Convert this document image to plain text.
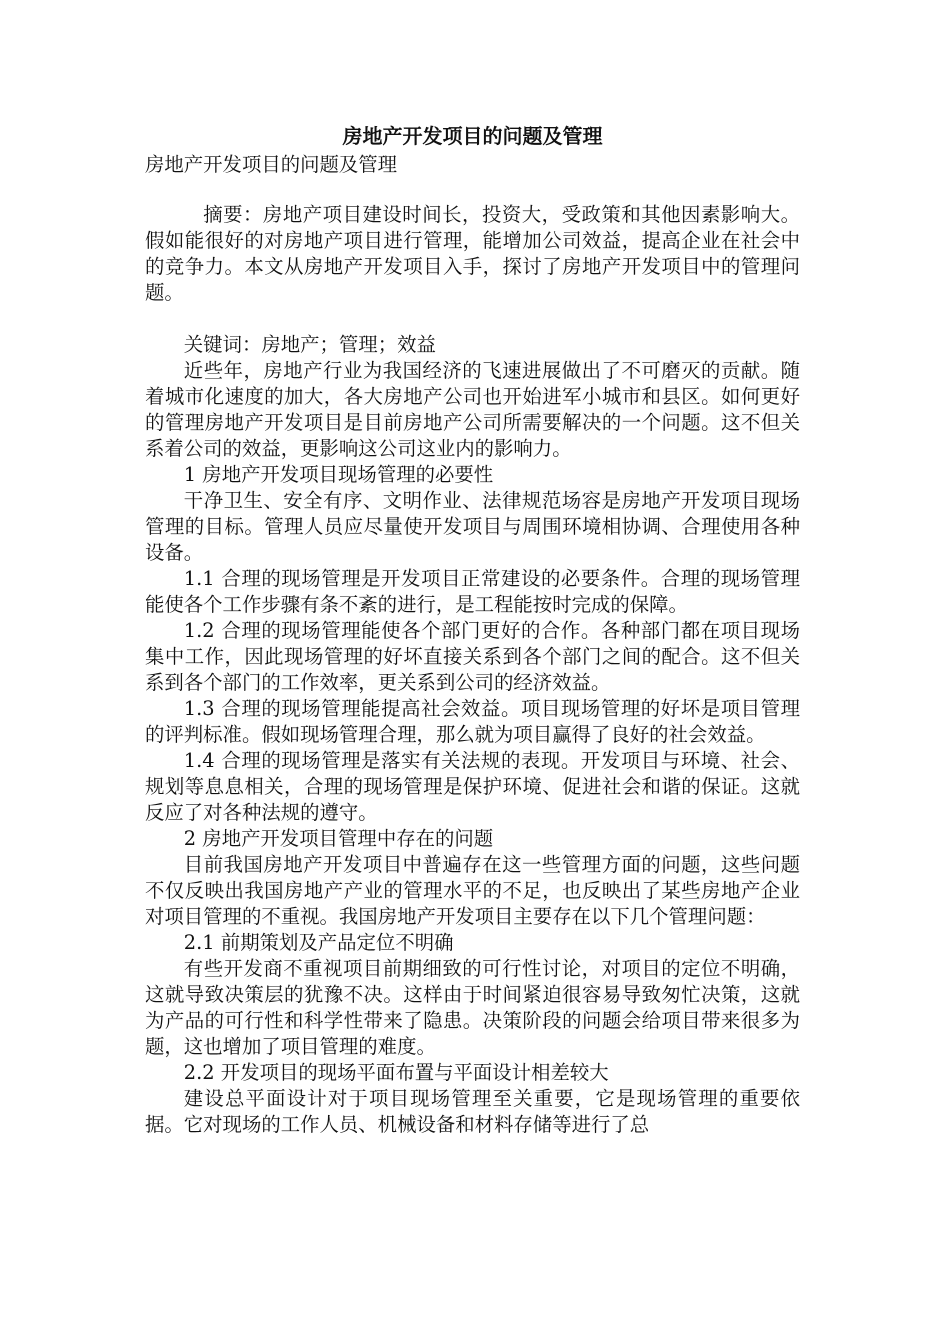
房地产开发项目的问题及管理
房地产开发项目的问题及管理

摘要：房地产项目建设时间长，投资大，受政策和其他因素影响大。假如能很好的对房地产项目进行管理，能增加公司效益，提高企业在社会中的竞争力。本文从房地产开发项目入手，探讨了房地产开发项目中的管理问题。

关键词：房地产；管理；效益

近些年，房地产行业为我国经济的飞速进展做出了不可磨灭的贡献。随着城市化速度的加大，各大房地产公司也开始进军小城市和县区。如何更好的管理房地产开发项目是目前房地产公司所需要解决的一个问题。这不但关系着公司的效益，更影响这公司这业内的影响力。

1 房地产开发项目现场管理的必要性

干净卫生、安全有序、文明作业、法律规范场容是房地产开发项目现场管理的目标。管理人员应尽量使开发项目与周围环境相协调、合理使用各种设备。

1.1 合理的现场管理是开发项目正常建设的必要条件。合理的现场管理能使各个工作步骤有条不紊的进行，是工程能按时完成的保障。

1.2 合理的现场管理能使各个部门更好的合作。各种部门都在项目现场集中工作，因此现场管理的好坏直接关系到各个部门之间的配合。这不但关系到各个部门的工作效率，更关系到公司的经济效益。

1.3 合理的现场管理能提高社会效益。项目现场管理的好坏是项目管理的评判标准。假如现场管理合理，那么就为项目赢得了良好的社会效益。

1.4 合理的现场管理是落实有关法规的表现。开发项目与环境、社会、规划等息息相关，合理的现场管理是保护环境、促进社会和谐的保证。这就反应了对各种法规的遵守。

2 房地产开发项目管理中存在的问题

目前我国房地产开发项目中普遍存在这一些管理方面的问题，这些问题不仅反映出我国房地产产业的管理水平的不足，也反映出了某些房地产企业对项目管理的不重视。我国房地产开发项目主要存在以下几个管理问题：

2.1 前期策划及产品定位不明确

有些开发商不重视项目前期细致的可行性讨论，对项目的定位不明确，这就导致决策层的犹豫不决。这样由于时间紧迫很容易导致匆忙决策，这就为产品的可行性和科学性带来了隐患。决策阶段的问题会给项目带来很多为题，这也增加了项目管理的难度。

2.2 开发项目的现场平面布置与平面设计相差较大

建设总平面设计对于项目现场管理至关重要，它是现场管理的重要依据。它对现场的工作人员、机械设备和材料存储等进行了总
